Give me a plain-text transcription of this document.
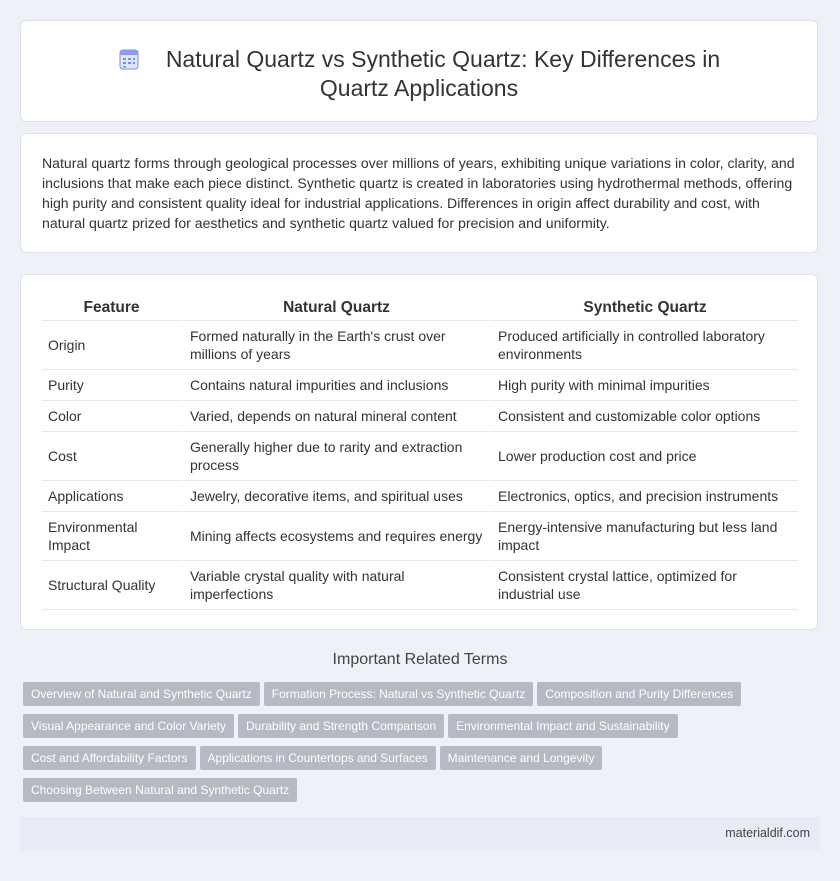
Natural Quartz vs Synthetic Quartz: Key Differences in Quartz Applications

Natural quartz forms through geological processes over millions of years, exhibiting unique variations in color, clarity, and inclusions that make each piece distinct. Synthetic quartz is created in laboratories using hydrothermal methods, offering high purity and consistent quality ideal for industrial applications. Differences in origin affect durability and cost, with natural quartz prized for aesthetics and synthetic quartz valued for precision and uniformity.

Feature	Natural Quartz	Synthetic Quartz
Origin	Formed naturally in the Earth's crust over millions of years	Produced artificially in controlled laboratory environments
Purity	Contains natural impurities and inclusions	High purity with minimal impurities
Color	Varied, depends on natural mineral content	Consistent and customizable color options
Cost	Generally higher due to rarity and extraction process	Lower production cost and price
Applications	Jewelry, decorative items, and spiritual uses	Electronics, optics, and precision instruments
Environmental Impact	Mining affects ecosystems and requires energy	Energy-intensive manufacturing but less land impact
Structural Quality	Variable crystal quality with natural imperfections	Consistent crystal lattice, optimized for industrial use
Important Related Terms
Overview of Natural and Synthetic Quartz Formation Process: Natural vs Synthetic Quartz Composition and Purity Differences Visual Appearance and Color Variety Durability and Strength Comparison Environmental Impact and Sustainability Cost and Affordability Factors Applications in Countertops and Surfaces Maintenance and Longevity Choosing Between Natural and Synthetic Quartz
materialdif.com
